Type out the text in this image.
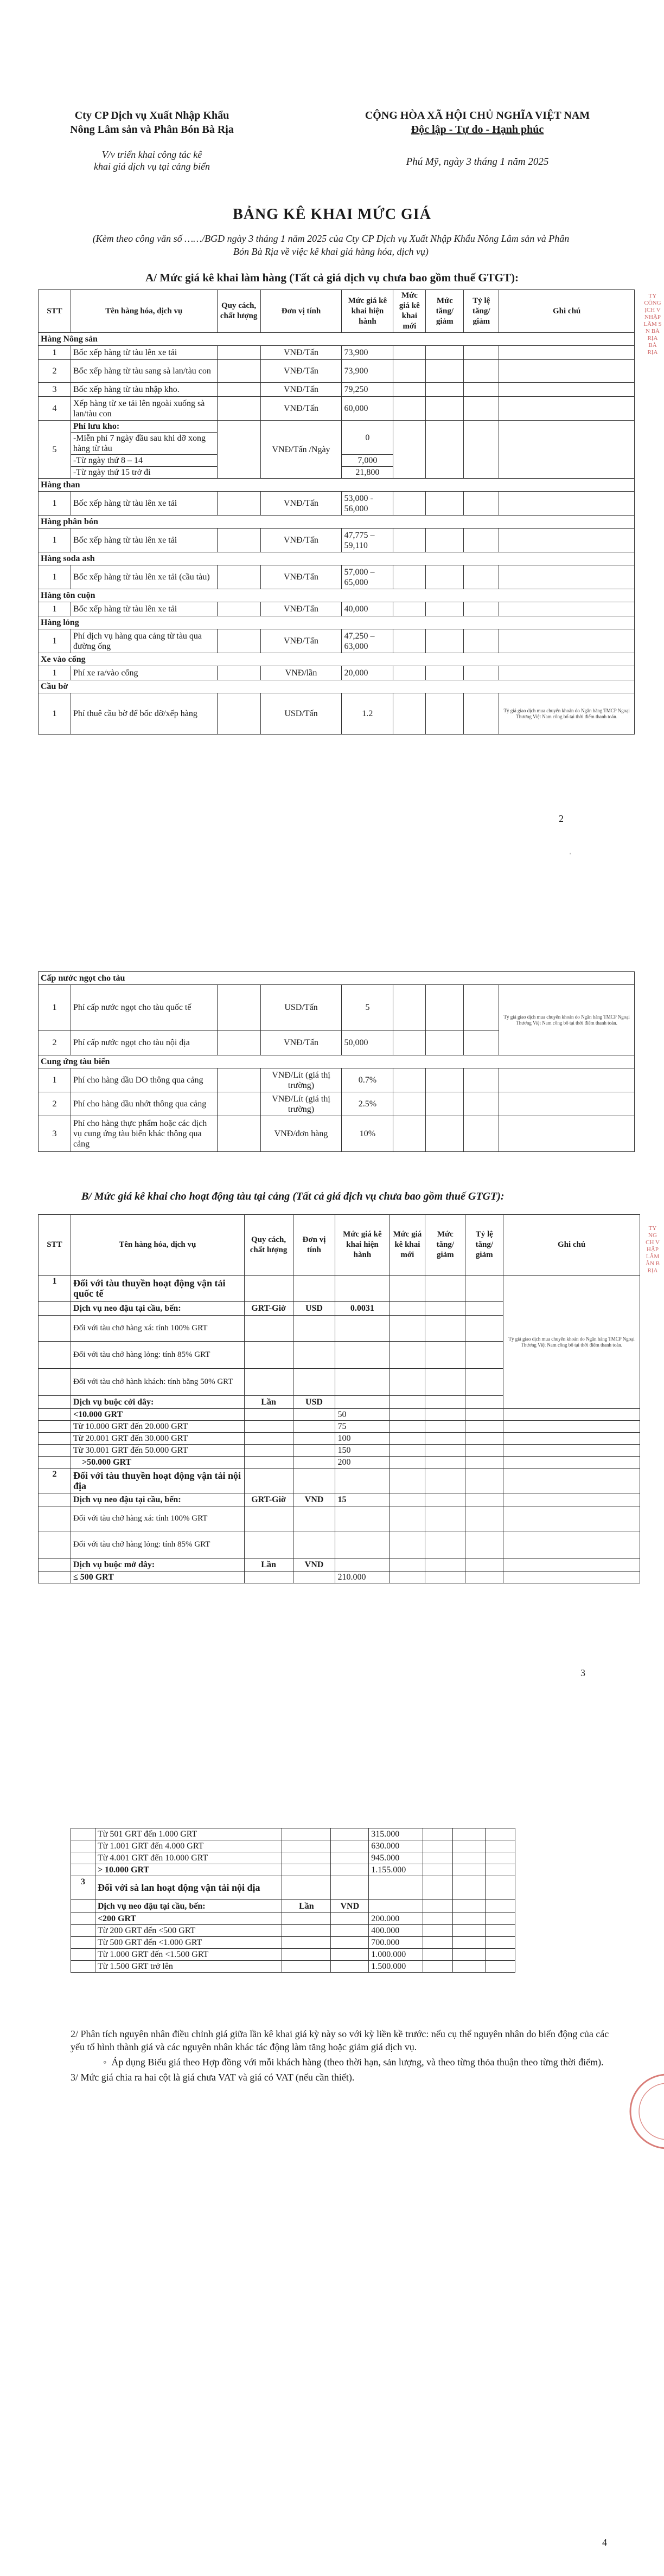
Cty CP Dịch vụ Xuất Nhập Khẩu
Nông Lâm sản và Phân Bón Bà Rịa
V/v triển khai công tác kê
khai giá dịch vụ tại cảng biển
CỘNG HÒA XÃ HỘI CHỦ NGHĨA VIỆT NAM
Độc lập - Tự do - Hạnh phúc
Phú Mỹ, ngày 3 tháng 1 năm 2025
BẢNG KÊ KHAI MỨC GIÁ
(Kèm theo công văn số ……/BGD ngày 3 tháng 1 năm 2025 của Cty CP Dịch vụ Xuất Nhập Khẩu Nông Lâm sản và Phân Bón Bà Rịa về việc kê khai giá hàng hóa, dịch vụ)
A/ Mức giá kê khai làm hàng (Tất cả giá dịch vụ chưa bao gồm thuế GTGT):
TY
CÔNG
ỊCH V
NHẬP
LÂM S
N BÀ RỊA
BÀ RỊA
STT	Tên hàng hóa, dịch vụ	Quy cách, chất lượng	Đơn vị tính	Mức giá kê khai hiện hành	Mức giá kê khai mới	Mức tăng/ giảm	Tỷ lệ tăng/ giảm	Ghi chú
Hàng Nông sản								
1	Bốc xếp hàng từ tàu lên xe tải		VNĐ/Tấn	73,900				
2	Bốc xếp hàng từ tàu sang sà lan/tàu con		VNĐ/Tấn	73,900				
3	Bốc xếp hàng từ tàu nhập kho.		VNĐ/Tấn	79,250				
4	Xếp hàng từ xe tải lên ngoài xuống sà lan/tàu con		VNĐ/Tấn	60,000				
5	Phí lưu kho:		VNĐ/Tấn /Ngày	0				
	-Miễn phí 7 ngày đầu sau khi dỡ xong hàng từ tàu							
	-Từ ngày thứ 8 – 14			7,000				
	-Từ ngày thứ 15 trở đi			21,800				
Hàng than								
1	Bốc xếp hàng từ tàu lên xe tải		VNĐ/Tấn	53,000 - 56,000				
Hàng phân bón								
1	Bốc xếp hàng từ tàu lên xe tải		VNĐ/Tấn	47,775 – 59,110				
Hàng soda ash								
1	Bốc xếp hàng từ tàu lên xe tải (cầu tàu)		VNĐ/Tấn	57,000 – 65,000				
Hàng tôn cuộn								
1	Bốc xếp hàng từ tàu lên xe tải		VNĐ/Tấn	40,000				
Hàng lỏng								
1	Phí dịch vụ hàng qua cảng từ tàu qua đường ống		VNĐ/Tấn	47,250 – 63,000				
Xe vào cổng								
1	Phí xe ra/vào cổng		VNĐ/lần	20,000				
Cầu bờ								
1	Phí thuê cầu bờ để bốc dỡ/xếp hàng		USD/Tấn	1.2				Tỷ giá giao dịch mua chuyển khoản do Ngân hàng TMCP Ngoại Thương Việt Nam công bố tại thời điểm thanh toán.
2
'
Cấp nước ngọt cho tàu								
1	Phí cấp nước ngọt cho tàu quốc tế		USD/Tấn	5				Tỷ giá giao dịch mua chuyển khoản do Ngân hàng TMCP Ngoại Thương Việt Nam công bố tại thời điểm thanh toán.
2	Phí cấp nước ngọt cho tàu nội địa		VNĐ/Tấn	50,000				
Cung ứng tàu biển								
1	Phí cho hàng dầu DO thông qua cảng		VNĐ/Lít (giá thị trường)	0.7%				
2	Phí cho hàng dầu nhớt thông qua cảng		VNĐ/Lít (giá thị trường)	2.5%				
3	Phí cho hàng thực phẩm hoặc các dịch vụ cung ứng tàu biển khác thông qua cảng		VNĐ/đơn hàng	10%				
B/ Mức giá kê khai cho hoạt động tàu tại cảng (Tất cả giá dịch vụ chưa bao gồm thuế GTGT):
TY
NG
CH V
HẬP
LÂM
ÂN B
RỊA
STT	Tên hàng hóa, dịch vụ	Quy cách, chất lượng	Đơn vị tính	Mức giá kê khai hiện hành	Mức giá kê khai mới	Mức tăng/ giảm	Tỷ lệ tăng/ giảm	Ghi chú
1	Đối với tàu thuyền hoạt động vận tải quốc tế							Tỷ giá giao dịch mua chuyển khoản do Ngân hàng TMCP Ngoại Thương Việt Nam công bố tại thời điểm thanh toán.
	Dịch vụ neo đậu tại cầu, bến:	GRT-Giờ	USD	0.0031				
	Đối với tàu chở hàng xá: tính 100% GRT							
	Đối với tàu chở hàng lỏng: tính 85% GRT							
	Đối với tàu chở hành khách: tính bằng 50% GRT							
	Dịch vụ buộc cởi dây:	Lần	USD					
	<10.000 GRT			50				
	Từ 10.000 GRT đến 20.000 GRT			75				
	Từ 20.001 GRT đến 30.000 GRT			100				
	Từ 30.001 GRT đến 50.000 GRT			150				
	>50.000 GRT			200				
2	Đối với tàu thuyền hoạt động vận tải nội địa							
	Dịch vụ neo đậu tại cầu, bến:	GRT-Giờ	VND	15				
	Đối với tàu chở hàng xá: tính 100% GRT							
	Đối với tàu chở hàng lỏng: tính 85% GRT							
	Dịch vụ buộc mở dây:	Lần	VND					
	≤ 500 GRT			210.000				
3
	Từ 501 GRT đến 1.000 GRT			315.000			
	Từ 1.001 GRT đến 4.000 GRT			630.000			
	Từ 4.001 GRT đến 10.000 GRT			945.000			
	> 10.000 GRT			1.155.000			
3	Đối với sà lan hoạt động vận tải nội địa						
	Dịch vụ neo đậu tại cầu, bến:	Lần	VND				
	<200 GRT			200.000			
	Từ 200 GRT đến <500 GRT			400.000			
	Từ 500 GRT đến <1.000 GRT			700.000			
	Từ 1.000 GRT đến <1.500 GRT			1.000.000			
	Từ 1.500 GRT trở lên			1.500.000			

2/ Phân tích nguyên nhân điều chỉnh giá giữa lần kê khai giá kỳ này so với kỳ liền kề trước: nếu cụ thể nguyên nhân do biến động của các yếu tố hình thành giá và các nguyên nhân khác tác động làm tăng hoặc giảm giá dịch vụ.

◦  Áp dụng Biểu giá theo Hợp đồng với mỗi khách hàng (theo thời hạn, sản lượng, và theo từng thỏa thuận theo từng thời điểm).

3/ Mức giá chia ra hai cột là giá chưa VAT và giá có VAT (nếu cần thiết).

4
